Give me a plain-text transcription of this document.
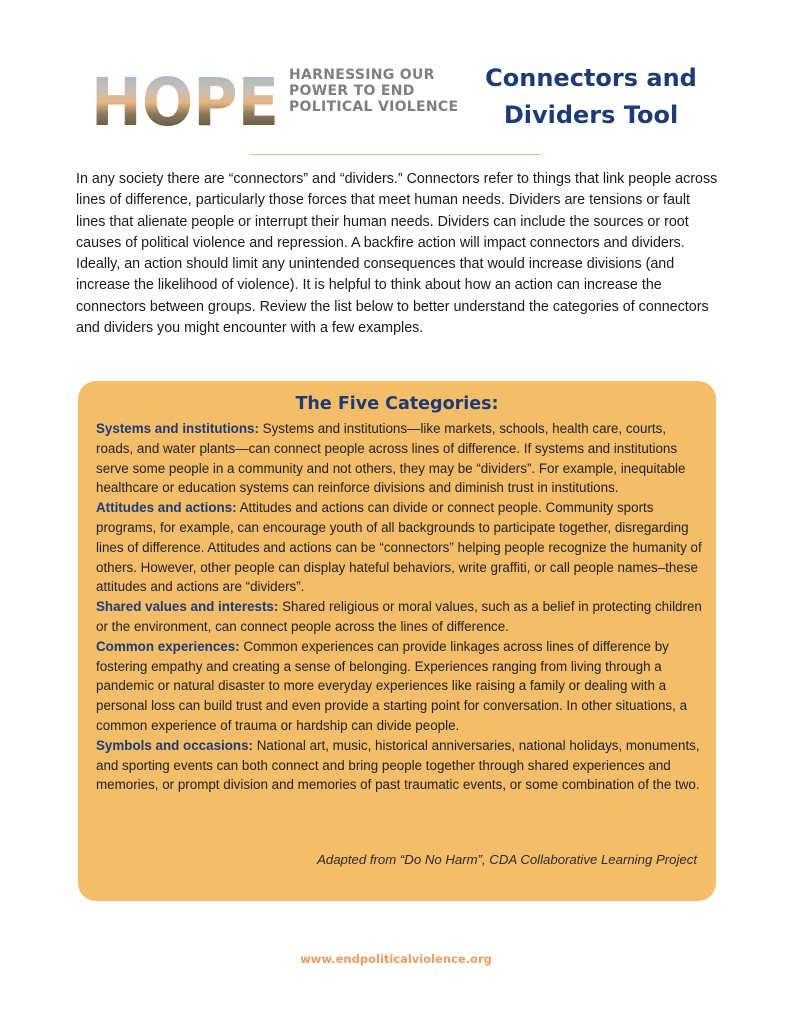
HOPE HARNESSING OUR
POWER TO END
POLITICAL VIOLENCE
Connectors and
Dividers Tool
In any society there are “connectors” and “dividers.” Connectors refer to things that link people across lines of difference, particularly those forces that meet human needs. Dividers are tensions or fault lines that alienate people or interrupt their human needs. Dividers can include the sources or root causes of political violence and repression. A backfire action will impact connectors and dividers. Ideally, an action should limit any unintended consequences that would increase divisions (and increase the likelihood of violence). It is helpful to think about how an action can increase the connectors between groups. Review the list below to better understand the categories of connectors and dividers you might encounter with a few examples.
The Five Categories:

Systems and institutions: Systems and institutions—like markets, schools, health care, courts, roads, and water plants—can connect people across lines of difference. If systems and institutions serve some people in a community and not others, they may be “dividers”. For example, inequitable healthcare or education systems can reinforce divisions and diminish trust in institutions.

Attitudes and actions: Attitudes and actions can divide or connect people. Community sports programs, for example, can encourage youth of all backgrounds to participate together, disregarding lines of difference. Attitudes and actions can be “connectors” helping people recognize the humanity of others. However, other people can display hateful behaviors, write graffiti, or call people names–these attitudes and actions are “dividers”.

Shared values and interests: Shared religious or moral values, such as a belief in protecting children or the environment, can connect people across the lines of difference.

Common experiences: Common experiences can provide linkages across lines of difference by fostering empathy and creating a sense of belonging. Experiences ranging from living through a pandemic or natural disaster to more everyday experiences like raising a family or dealing with a personal loss can build trust and even provide a starting point for conversation. In other situations, a common experience of trauma or hardship can divide people.

Symbols and occasions: National art, music, historical anniversaries, national holidays, monuments, and sporting events can both connect and bring people together through shared experiences and memories, or prompt division and memories of past traumatic events, or some combination of the two.

Adapted from “Do No Harm”, CDA Collaborative Learning Project
www.endpoliticalviolence.org
